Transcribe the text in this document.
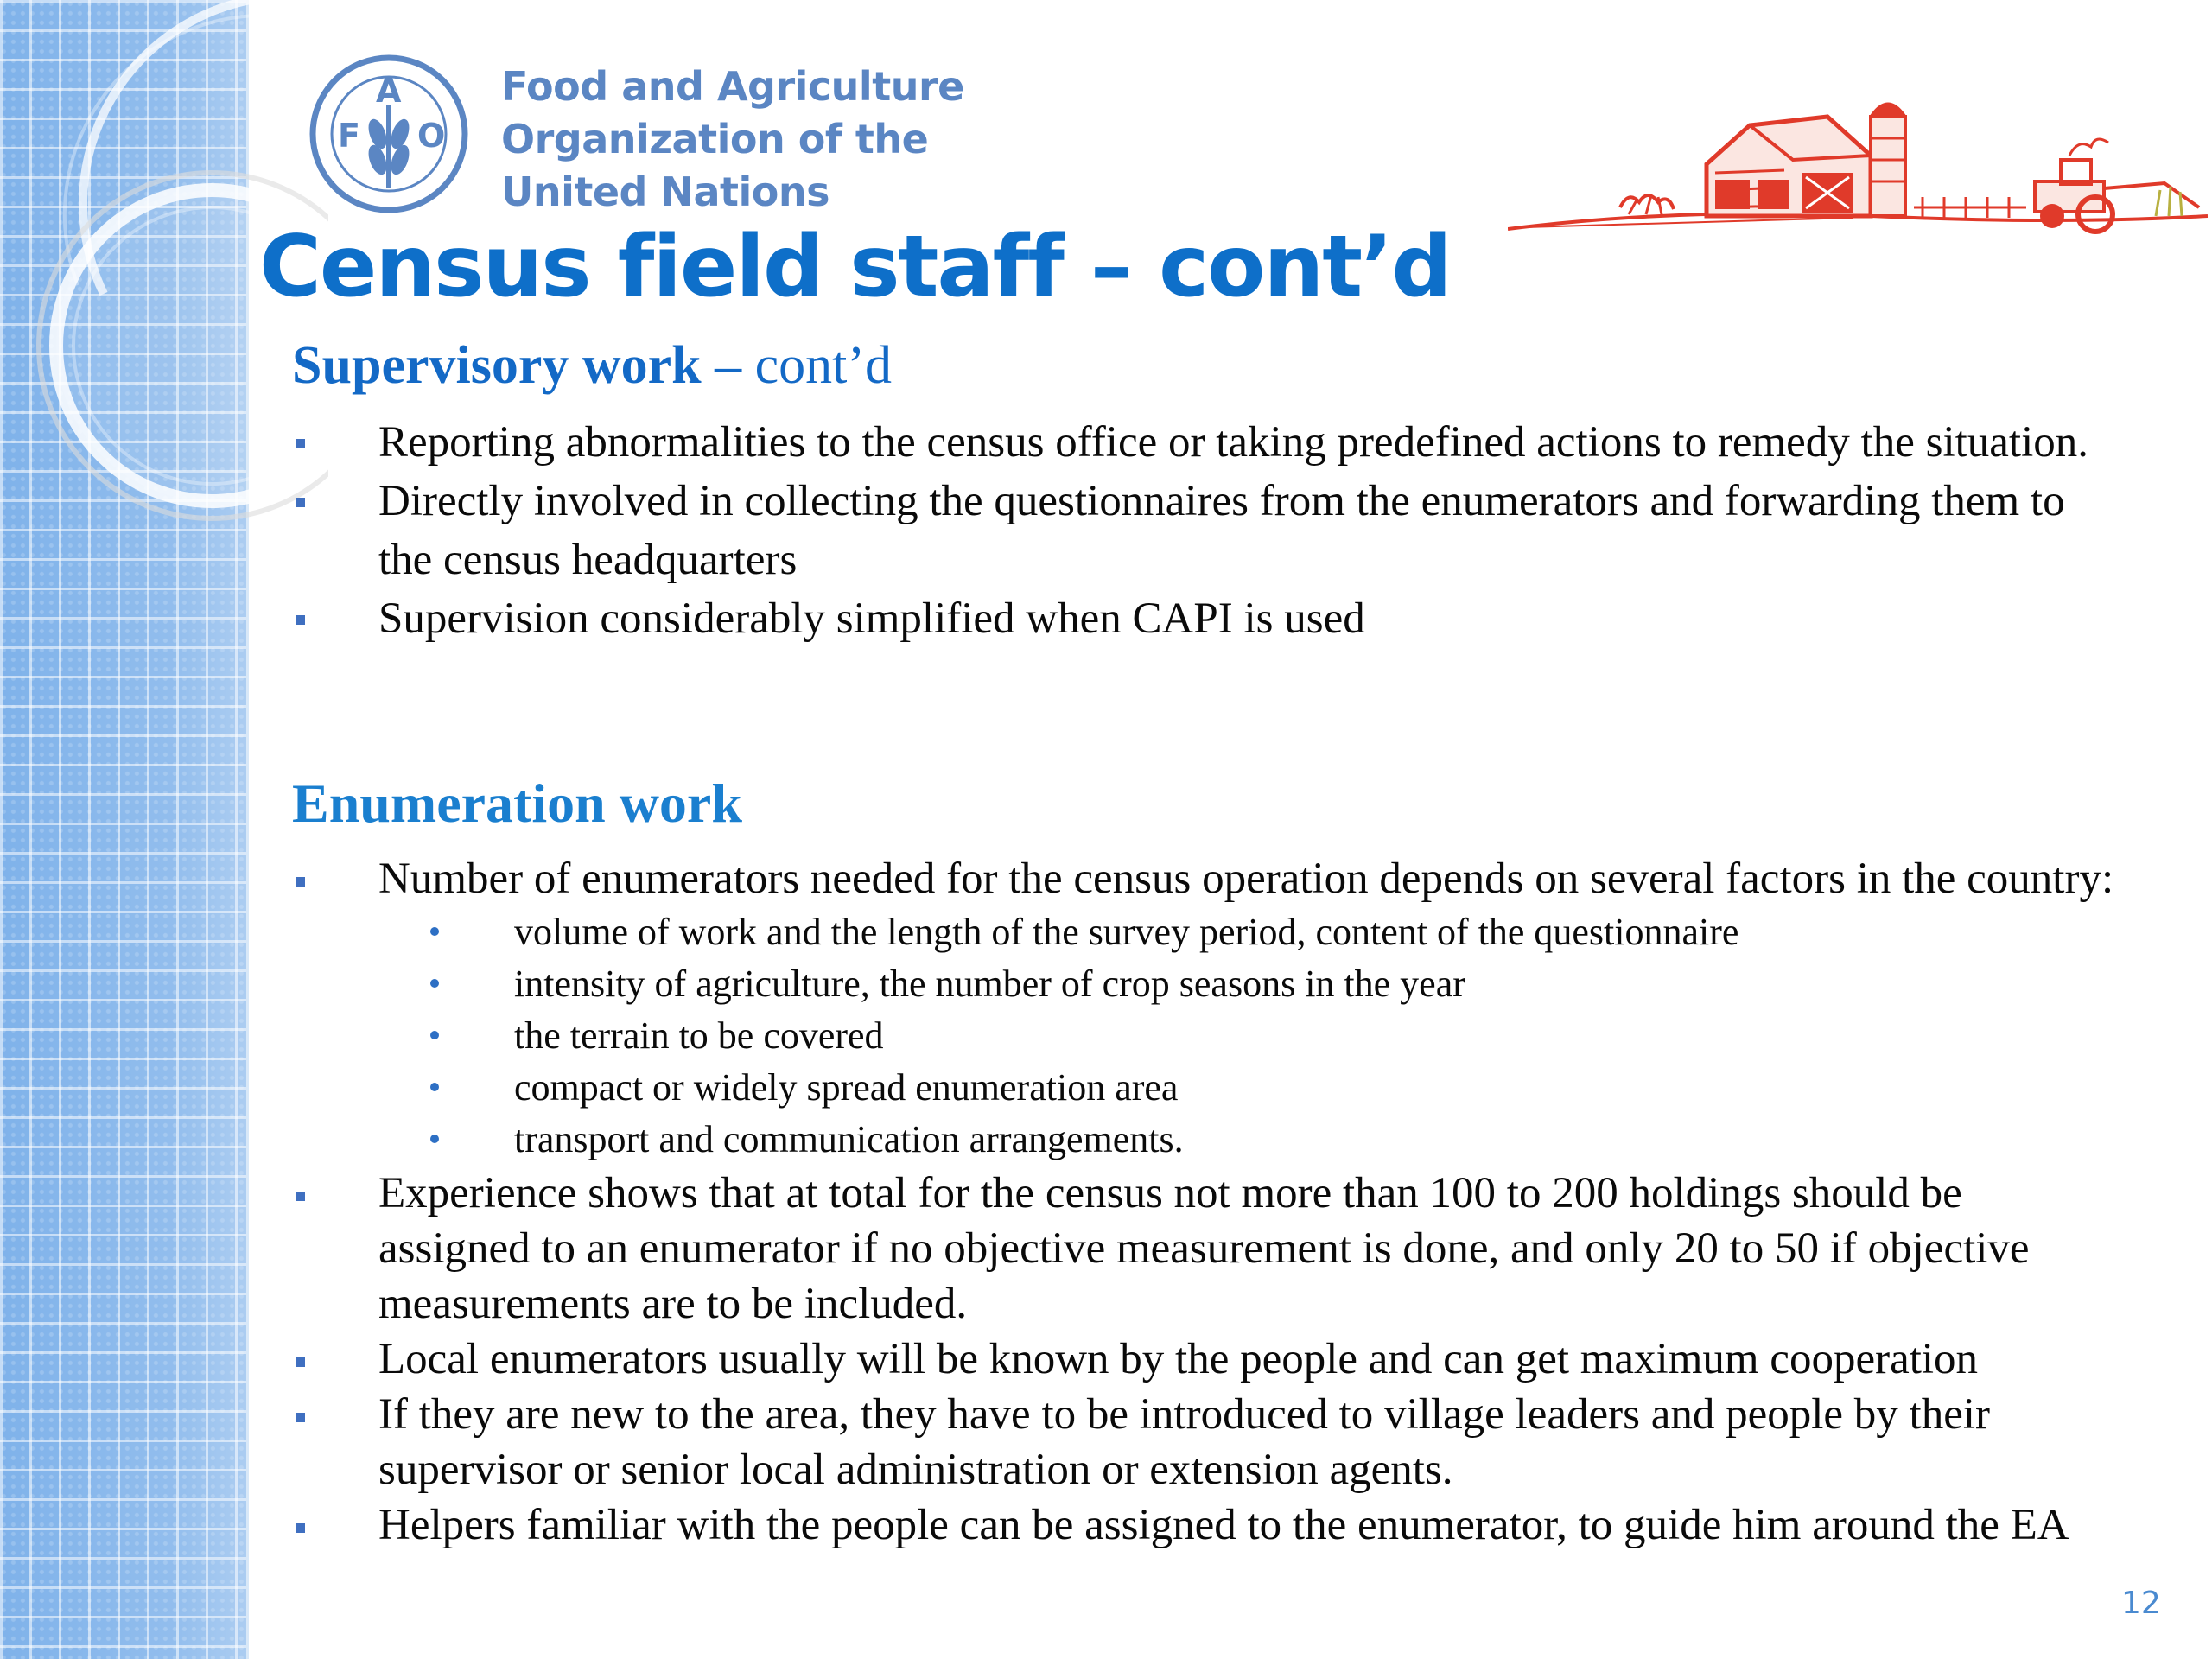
F
A
O
Food and Agriculture
Organization of the
United Nations
Census field staff – cont’d
Supervisory work – cont’d
Reporting abnormalities to the census office or taking predefined actions to remedy the situation.
Directly involved in collecting the questionnaires from the enumerators and forwarding them to the census headquarters
Supervision considerably simplified when CAPI is used
Enumeration work
Number of enumerators needed for the census operation depends on several factors in the country:
volume of work and the length of the survey period, content of the questionnaire
intensity of agriculture, the number of crop seasons in the year
the terrain to be covered
compact or widely spread enumeration area
transport and communication arrangements.
Experience shows that at total for the census not more than 100 to 200 holdings should be assigned to an enumerator if no objective measurement is done, and only 20 to 50 if objective measurements are to be included.
Local enumerators usually will be known by the people and can get maximum cooperation
If they are new to the area, they have to be introduced to village leaders and people by their supervisor or senior local administration or extension agents.
Helpers familiar with the people can be assigned to the enumerator, to guide him around the EA
12
